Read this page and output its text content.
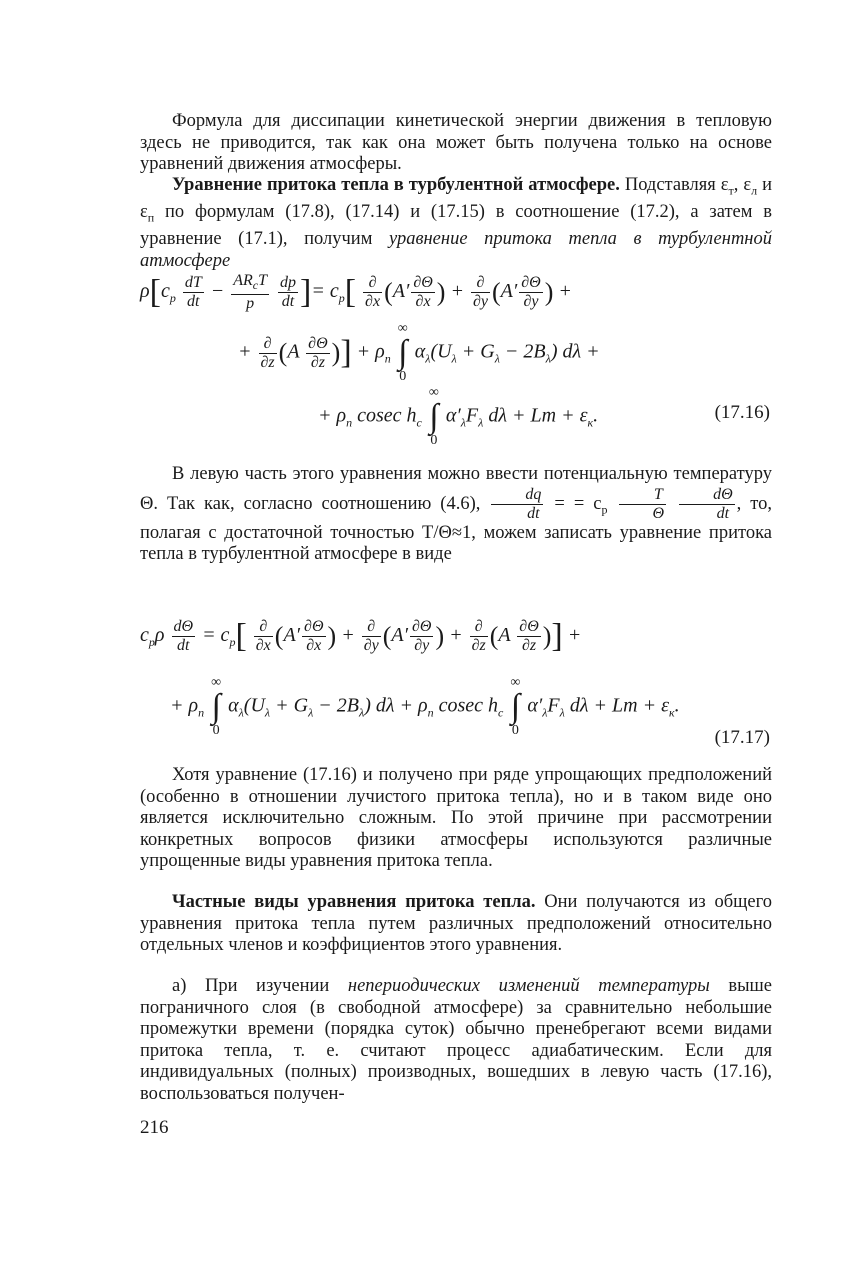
Формула для диссипации кинетической энергии движения в тепловую здесь не приводится, так как она может быть получена только на основе уравнений движения атмосферы.
Уравнение притока тепла в турбулентной атмосфере. Подставляя $\varepsilon_т$, $\varepsilon_л$ и $\varepsilon_п$ по формулам (17.8), (17.14) и (17.15) в соотношение (17.2), а затем в уравнение (17.1), получим уравнение притока тепла в турбулентной атмосфере
$\rho[c_p \frac{dT}{dt} - \frac{AR_cT}{p}$
$\frac{dp}{dt}$ ]= $c_p[ \frac{\partial}{\partial x} (A' \frac{\partial\Theta}{\partial x}$ ) + $\frac{\partial}{\partial y} (A' \frac{\partial\Theta}{\partial y}$ ) +
+ $\frac{\partial}{\partial z} (A \frac{\partial\Theta}{\partial z}$ )] + $\rho_п$
∞
∫
0
$\alpha_\lambda(U_\lambda + G_\lambda - 2B_\lambda) d\lambda$ +
+ $\rho_п$ cosec $h_c$
∞
∫
0
$\alpha'_\lambda F_\lambda$ $d\lambda + Lm + \varepsilon_к$.	(17.16)
В левую часть этого уравнения можно ввести потенциальную температуру Θ. Так как, согласно соотношению (4.6), $\frac{dq}{dt}$ = = $c_p \frac{T}{\Theta}$
$\frac{d\Theta}{dt}$ , то, полагая с достаточной точностью T/Θ≈1, можем записать уравнение притока тепла в турбулентной атмосфере в виде
$c_p\rho \frac{d\Theta}{dt} = c_p[ \frac{\partial}{\partial x} (A' \frac{\partial\Theta}{\partial x}$ ) + $\frac{\partial}{\partial y} (A' \frac{\partial\Theta}{\partial y}$ ) + $\frac{\partial}{\partial z} (A \frac{\partial\Theta}{\partial z}$ )] +
+ $\rho_п$
∞
∫
0
$\alpha_\lambda(U_\lambda + G_\lambda - 2B_\lambda) d\lambda + \rho_п$ cosec $h_c$
∞
∫
0
$\alpha'_\lambda F_\lambda$ $d\lambda + Lm + \varepsilon_к$.
(17.17)
Хотя уравнение (17.16) и получено при ряде упрощающих предположений (особенно в отношении лучистого притока тепла), но и в таком виде оно является исключительно сложным. По этой причине при рассмотрении конкретных вопросов физики атмосферы используются различные упрощенные виды уравнения притока тепла.
Частные виды уравнения притока тепла. Они получаются из общего уравнения притока тепла путем различных предположений относительно отдельных членов и коэффициентов этого уравнения.
а) При изучении непериодических изменений температуры выше пограничного слоя (в свободной атмосфере) за сравнительно небольшие промежутки времени (порядка суток) обычно пренебрегают всеми видами притока тепла, т. е. считают процесс адиабатическим. Если для индивидуальных (полных) производных, вошедших в левую часть (17.16), воспользоваться получен-
216
